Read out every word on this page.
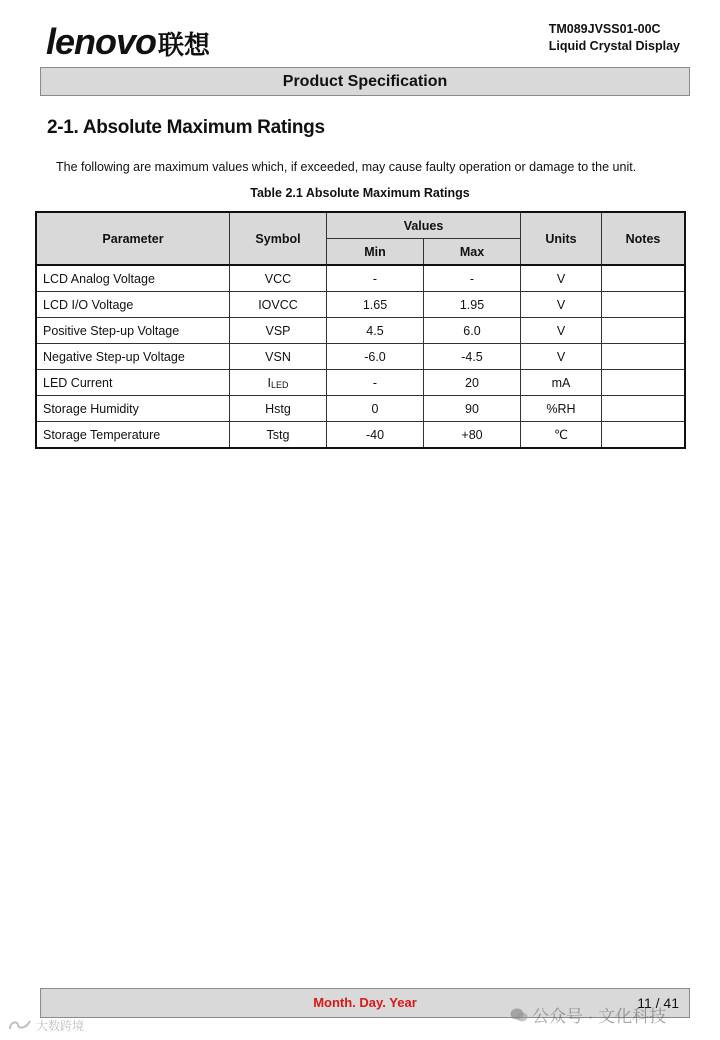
lenovo联想
TM089JVSS01-00C
Liquid Crystal Display
Product Specification
2-1. Absolute Maximum Ratings

The following are maximum values which, if exceeded, may cause faulty operation or damage to the unit.

Table 2.1 Absolute Maximum Ratings
Parameter	Symbol	Values		Units	Notes
		Min	Max		
LCD Analog Voltage	VCC	-	-	V	
LCD I/O Voltage	IOVCC	1.65	1.95	V	
Positive Step-up Voltage	VSP	4.5	6.0	V	
Negative Step-up Voltage	VSN	-6.0	-4.5	V	
LED Current	ILED	-	20	mA	
Storage Humidity	Hstg	0	90	%RH	
Storage Temperature	Tstg	-40	+80	℃	
Month. Day. Year	11 / 41
公众号 · 文化科技
大数跨境
